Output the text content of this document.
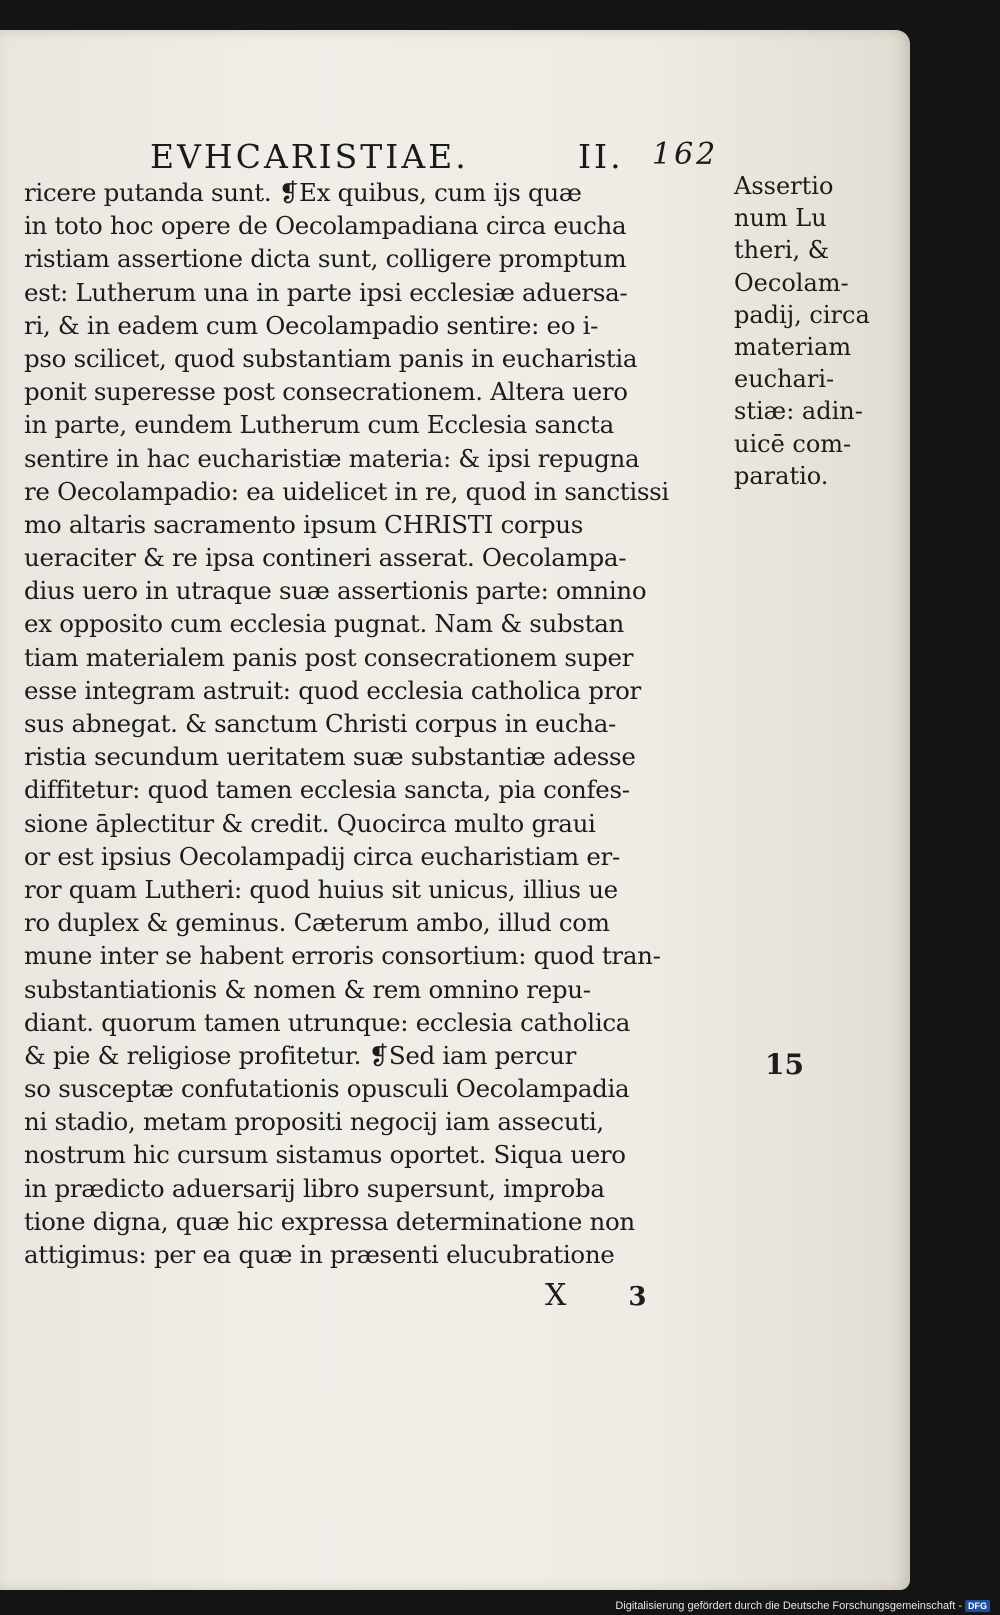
EVHCARISTIAE.	II. 162
ricere putanda sunt. ❡Ex quibus, cum ijs quæ
in toto hoc opere de Oecolampadiana circa eucha
ristiam assertione dicta sunt, colligere promptum
est: Lutherum una in parte ipsi ecclesiæ aduersa-
ri, & in eadem cum Oecolampadio sentire: eo i-
pso scilicet, quod substantiam panis in eucharistia
ponit superesse post consecrationem. Altera uero
in parte, eundem Lutherum cum Ecclesia sancta
sentire in hac eucharistiæ materia: & ipsi repugna
re Oecolampadio: ea uidelicet in re, quod in sanctissi
mo altaris sacramento ipsum CHRISTI corpus
ueraciter & re ipsa contineri asserat. Oecolampa-
dius uero in utraque suæ assertionis parte: omnino
ex opposito cum ecclesia pugnat. Nam & substan
tiam materialem panis post consecrationem super
esse integram astruit: quod ecclesia catholica pror
sus abnegat. & sanctum Christi corpus in eucha-
ristia secundum ueritatem suæ substantiæ adesse
diffitetur: quod tamen ecclesia sancta, pia confes-
sione āplectitur & credit. Quocirca multo graui
or est ipsius Oecolampadij circa eucharistiam er-
ror quam Lutheri: quod huius sit unicus, illius ue
ro duplex & geminus. Cæterum ambo, illud com
mune inter se habent erroris consortium: quod tran-
substantiationis & nomen & rem omnino repu-
diant. quorum tamen utrunque: ecclesia catholica
& pie & religiose profitetur. ❡Sed iam percur
so susceptæ confutationis opusculi Oecolampadia
ni stadio, metam propositi negocij iam assecuti,
nostrum hic cursum sistamus oportet. Siqua uero
in prædicto aduersarij libro supersunt, improba
tione digna, quæ hic expressa determinatione non
attigimus: per ea quæ in præsenti elucubratione
Assertio
num Lu
theri, &
Oecolam-
padij, circa
materiam
euchari-
stiæ: adin-
uicē com-
paratio.
15
X 3
Digitalisierung gefördert durch die Deutsche Forschungsgemeinschaft - DFG
